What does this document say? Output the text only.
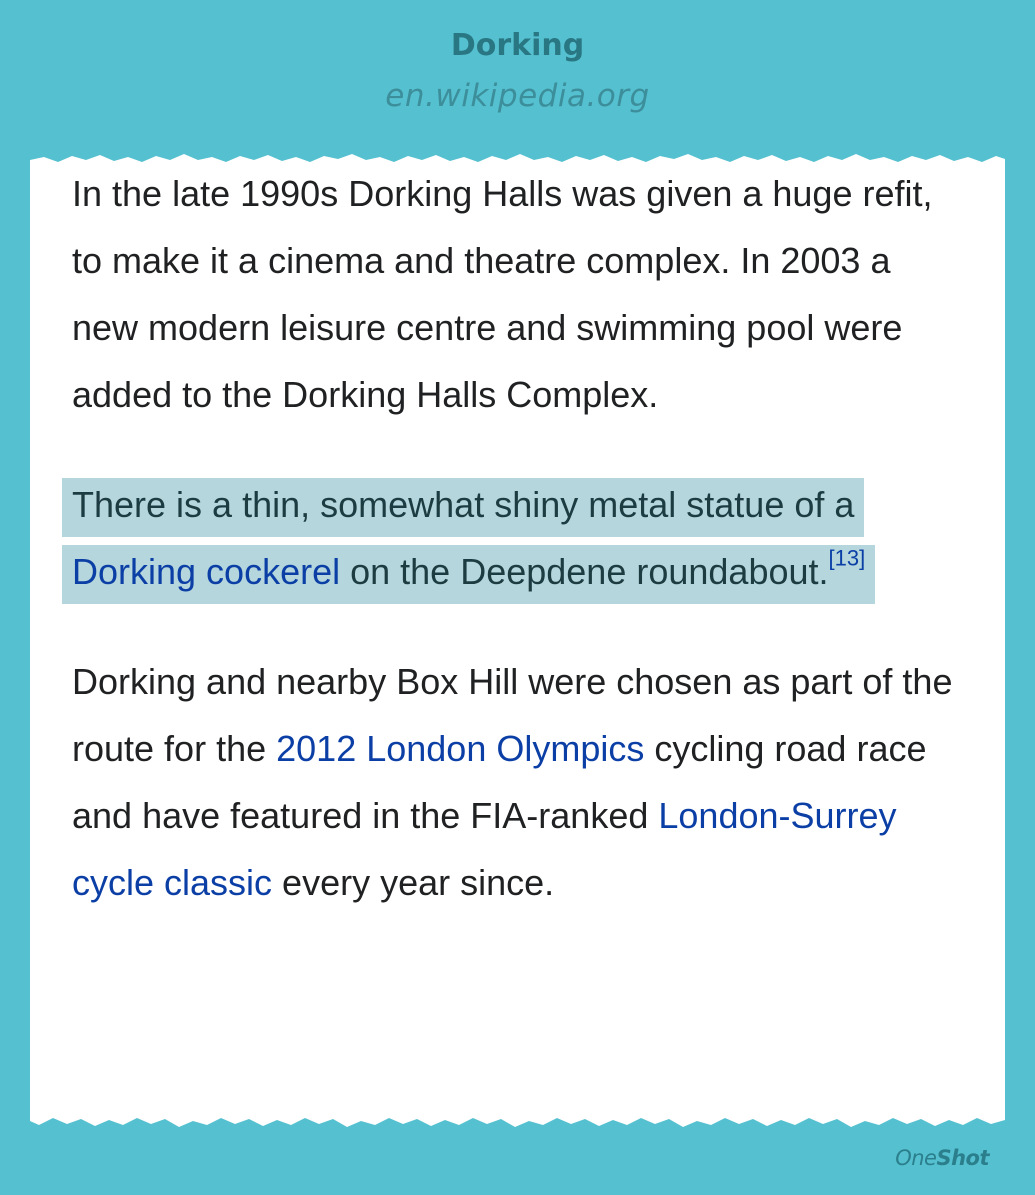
Dorking
en.wikipedia.org

In the late 1990s Dorking Halls was given a huge refit, to make it a cinema and theatre complex. In 2003 a new modern leisure centre and swimming pool were added to the Dorking Halls Complex.

There is a thin, somewhat shiny metal statue of a Dorking cockerel on the Deepdene roundabout.[13]

Dorking and nearby Box Hill were chosen as part of the route for the 2012 London Olympics cycling road race and have featured in the FIA-ranked London-Surrey cycle classic every year since.

OneShot
